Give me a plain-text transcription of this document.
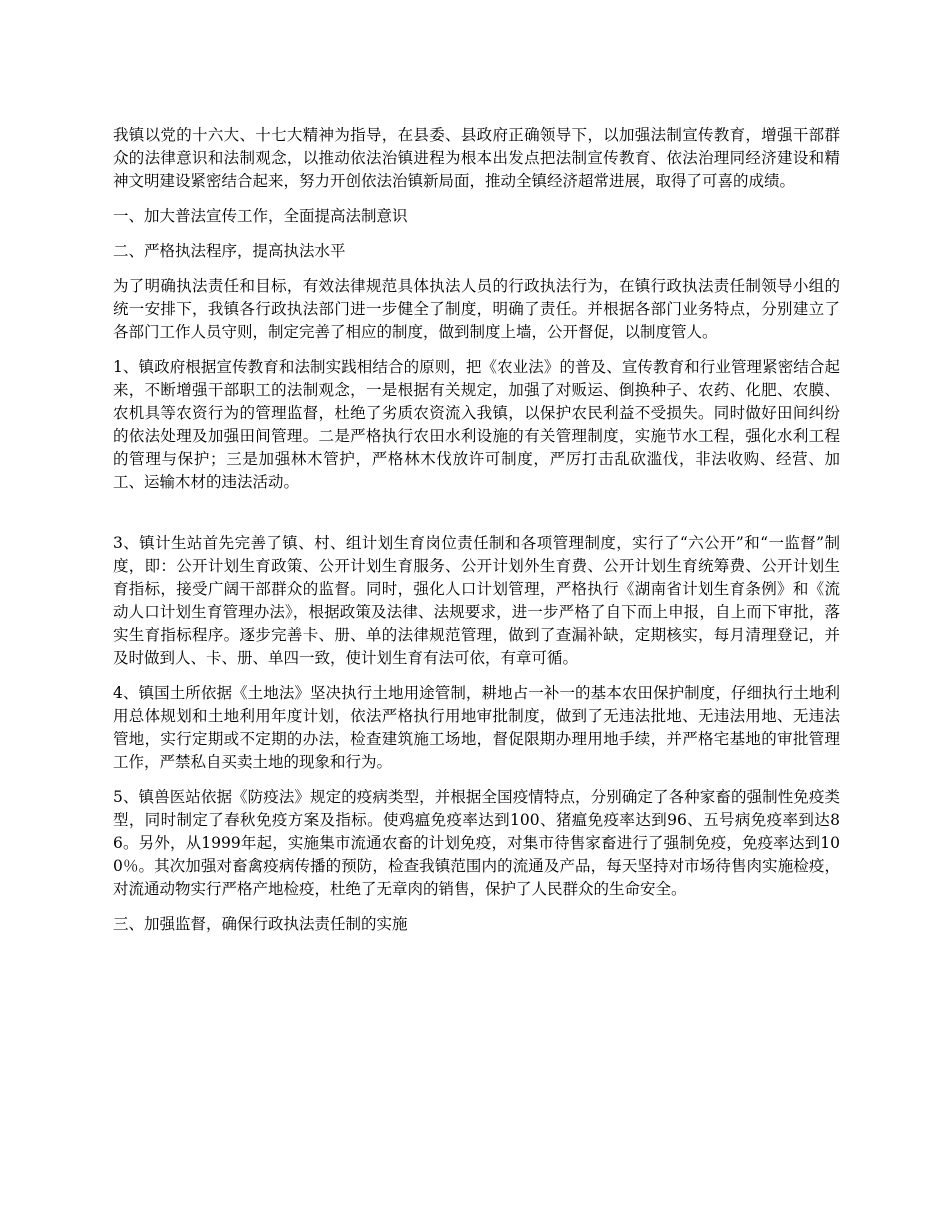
我镇以党的十六大、十七大精神为指导，在县委、县政府正确领导下，以加强法制宣传教育，增强干部群众的法律意识和法制观念，以推动依法治镇进程为根本出发点把法制宣传教育、依法治理同经济建设和精神文明建设紧密结合起来，努力开创依法治镇新局面，推动全镇经济超常进展，取得了可喜的成绩。

一、加大普法宣传工作，全面提高法制意识

二、严格执法程序，提高执法水平

为了明确执法责任和目标，有效法律规范具体执法人员的行政执法行为，在镇行政执法责任制领导小组的统一安排下，我镇各行政执法部门进一步健全了制度，明确了责任。并根据各部门业务特点，分别建立了各部门工作人员守则，制定完善了相应的制度，做到制度上墙，公开督促，以制度管人。

1、镇政府根据宣传教育和法制实践相结合的原则，把《农业法》的普及、宣传教育和行业管理紧密结合起来，不断增强干部职工的法制观念，一是根据有关规定，加强了对贩运、倒换种子、农药、化肥、农膜、农机具等农资行为的管理监督，杜绝了劣质农资流入我镇，以保护农民利益不受损失。同时做好田间纠纷的依法处理及加强田间管理。二是严格执行农田水利设施的有关管理制度，实施节水工程，强化水利工程的管理与保护；三是加强林木管护，严格林木伐放许可制度，严厉打击乱砍滥伐，非法收购、经营、加工、运输木材的违法活动。

3、镇计生站首先完善了镇、村、组计划生育岗位责任制和各项管理制度，实行了“六公开”和“一监督”制度，即：公开计划生育政策、公开计划生育服务、公开计划外生育费、公开计划生育统筹费、公开计划生育指标，接受广阔干部群众的监督。同时，强化人口计划管理，严格执行《湖南省计划生育条例》和《流动人口计划生育管理办法》，根据政策及法律、法规要求，进一步严格了自下而上申报，自上而下审批，落实生育指标程序。逐步完善卡、册、单的法律规范管理，做到了查漏补缺，定期核实，每月清理登记，并及时做到人、卡、册、单四一致，使计划生育有法可依，有章可循。

4、镇国土所依据《土地法》坚决执行土地用途管制，耕地占一补一的基本农田保护制度，仔细执行土地利用总体规划和土地利用年度计划，依法严格执行用地审批制度，做到了无违法批地、无违法用地、无违法管地，实行定期或不定期的办法，检查建筑施工场地，督促限期办理用地手续，并严格宅基地的审批管理工作，严禁私自买卖土地的现象和行为。

5、镇兽医站依据《防疫法》规定的疫病类型，并根据全国疫情特点，分别确定了各种家畜的强制性免疫类型，同时制定了春秋免疫方案及指标。使鸡瘟免疫率达到100、猪瘟免疫率达到96、五号病免疫率到达86。另外，从1999年起，实施集市流通农畜的计划免疫，对集市待售家畜进行了强制免疫，免疫率达到100％。其次加强对畜禽疫病传播的预防，检查我镇范围内的流通及产品，每天坚持对市场待售肉实施检疫，对流通动物实行严格产地检疫，杜绝了无章肉的销售，保护了人民群众的生命安全。

三、加强监督，确保行政执法责任制的实施
